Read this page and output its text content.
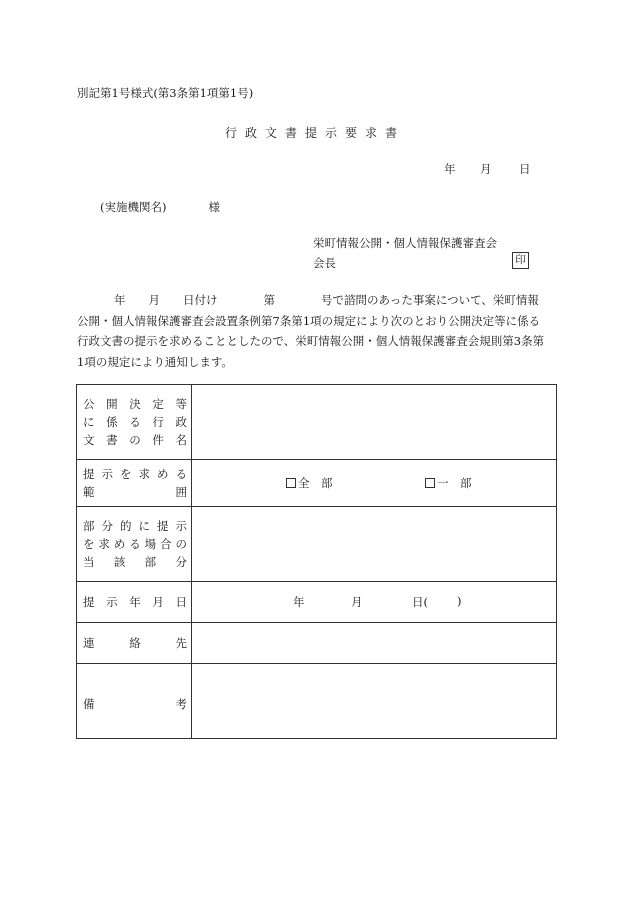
別記第1号様式(第3条第1項第1号)
行政文書提示要求書
年 月 日
(実施機関名)	様
栄町情報公開・個人情報保護審査会
会長	印
年　　月　　日付け　　　　第　　　　号で諮問のあった事案について、栄町情報
公開・個人情報保護審査会設置条例第7条第1項の規定により次のとおり公開決定等に係る
行政文書の提示を求めることとしたので、栄町情報公開・個人情報保護審査会規則第3条第
1項の規定により通知します。
公開決定等
に係る行政
文書の件名	

提示を求める
範　　囲	全　部 一　部

部分的に提示
を求める場合の
当該部分	

提示年月日	年 月 日( )

連　絡　先	

備　考	
